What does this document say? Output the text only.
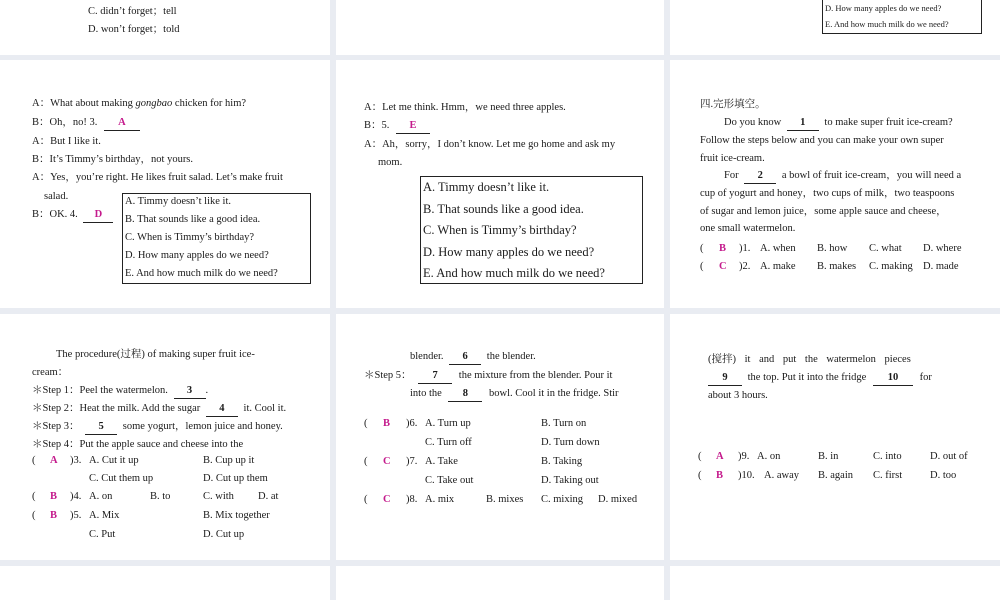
C. didn’t forget；tell
D. won’t forget；told
D. How many apples do we need?
E. And how much milk do we need?
A：What about making gongbao chicken for him?
B：Oh，no! 3. A
A：But I like it.
B：It’s Timmy’s birthday，not yours.
A：Yes，you’re right. He likes fruit salad. Let’s make fruit
salad.
B：OK. 4. D
A. Timmy doesn’t like it.
B. That sounds like a good idea.
C. When is Timmy’s birthday?
D. How many apples do we need?
E. And how much milk do we need?
A：Let me think. Hmm，we need three apples.
B：5. E
A：Ah，sorry，I don’t know. Let me go home and ask my
mom.
A. Timmy doesn’t like it.
B. That sounds like a good idea.
C. When is Timmy’s birthday?
D. How many apples do we need?
E. And how much milk do we need?
四.完形填空。
Do you know 1 to make super fruit ice-cream?
Follow the steps below and you can make your own super
fruit ice-cream.
For 2 a bowl of fruit ice-cream，you will need a
cup of yogurt and honey，two cups of milk，two teaspoons
of sugar and lemon juice，some apple sauce and cheese，
one small watermelon.
( B )1. A. when B. how C. what D. where
( C )2. A. make B. makes C. making D. made
The procedure(过程) of making super fruit ice-
cream：
＊Step 1：Peel the watermelon. 3 .
＊Step 2：Heat the milk. Add the sugar 4 it. Cool it.
＊Step 3： 5 some yogurt，lemon juice and honey.
＊Step 4：Put the apple sauce and cheese into the
( A )3. A. Cut it up	B. Cup up it
C. Cut them up	D. Cut up them
( B )4. A. on	B. to	C. with D. at
( B )5. A. Mix	B. Mix together
C. Put	D. Cut up
blender. 6 the blender.
＊Step 5： 7 the mixture from the blender. Pour it
into the 8 bowl. Cool it in the fridge. Stir
( B )6. A. Turn up	B. Turn on
C. Turn off	D. Turn down
( C )7. A. Take	B. Taking
C. Take out	D. Taking out
( C )8. A. mix	B. mixes C. mixing D. mixed
(搅拌) it and put the watermelon pieces
9 the top. Put it into the fridge 10 for
about 3 hours.
( A )9. A. on	B. in	C. into	D. out of
( B )10. A. away B. again C. first	D. too
